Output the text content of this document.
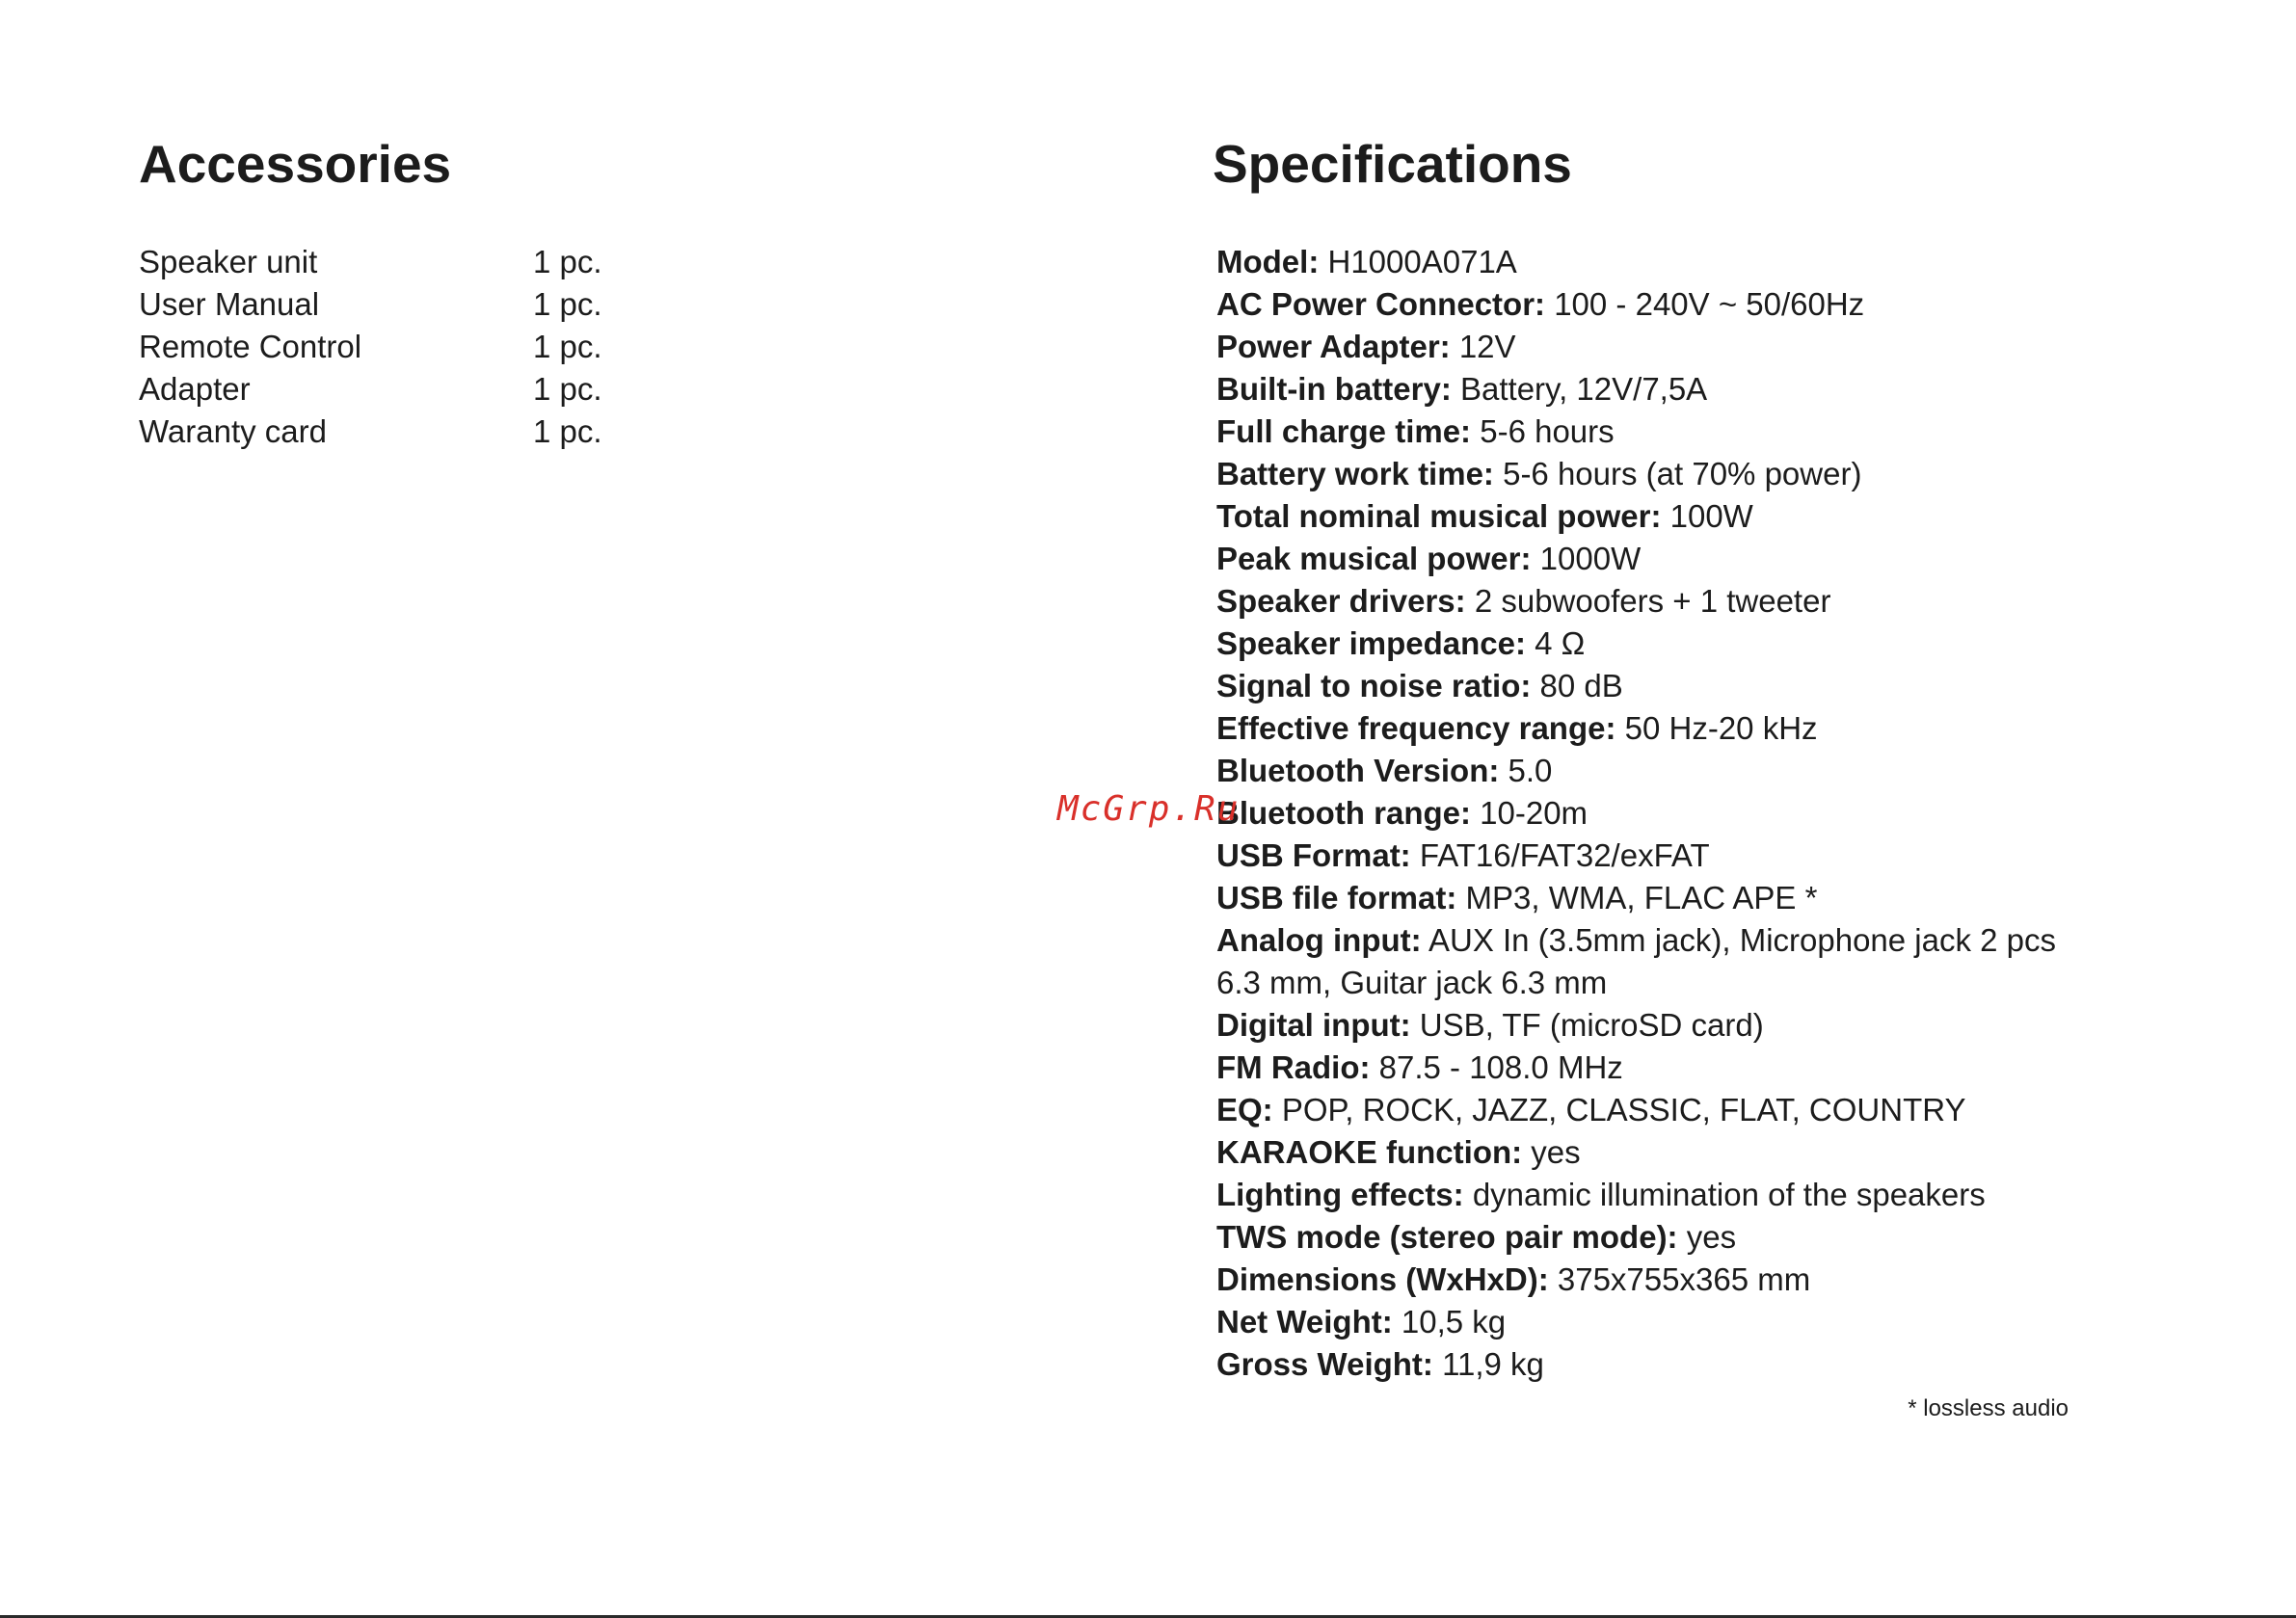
Accessories
Speaker unit	1 pc.
User Manual	1 pc.
Remote Control	1 pc.
Adapter	1 pc.
Waranty card	1 pc.
Specifications
Model: H1000A071A
AC Power Connector: 100 - 240V ~ 50/60Hz
Power Adapter: 12V
Built-in battery: Battery, 12V/7,5A
Full charge time: 5-6 hours
Battery work time: 5-6 hours (at 70% power)
Total nominal musical power: 100W
Peak musical power: 1000W
Speaker drivers: 2 subwoofers + 1 tweeter
Speaker impedance: 4 Ω
Signal to noise ratio: 80 dB
Effective frequency range: 50 Hz-20 kHz
Bluetooth Version: 5.0
Bluetooth range: 10-20m
USB Format: FAT16/FAT32/exFAT
USB file format: MP3, WMA, FLAC APE *
Analog input: AUX In (3.5mm jack), Microphone jack 2 pcs 6.3 mm, Guitar jack 6.3 mm
Digital input: USB, TF (microSD card)
FM Radio: 87.5 - 108.0 MHz
EQ: POP, ROCK, JAZZ, CLASSIC, FLAT, COUNTRY
KARAOKE function: yes
Lighting effects: dynamic illumination of the speakers
TWS mode (stereo pair mode): yes
Dimensions (WxHxD): 375x755x365 mm
Net Weight: 10,5 kg
Gross Weight: 11,9 kg
* lossless audio
McGrp.Ru
